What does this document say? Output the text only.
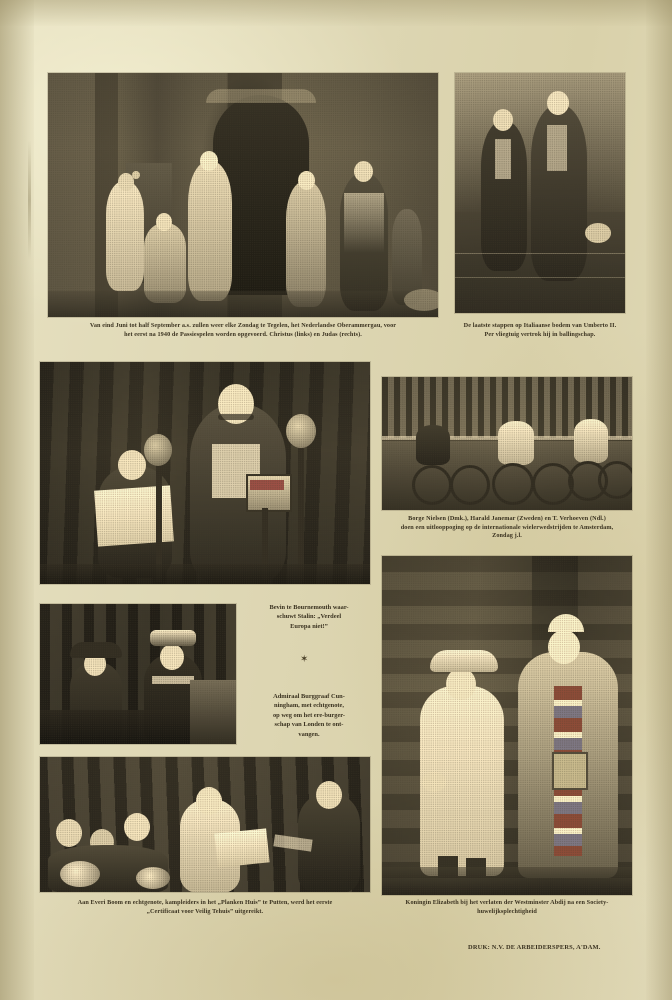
Van eind Juni tot half September a.s. zullen weer elke Zondag te Tegelen, het Nederlandse Oberammergau, voor
het eerst na 1940 de Passiespelen worden opgevoerd. Christus (links) en Judas (rechts).
De laatste stappen op Italiaanse bodem van Umberto II.
Per vliegtuig vertrok hij in ballingschap.
Borge Nielsen (Dmk.), Harald Janemar (Zweden) en T. Verhoeven (Ndl.)
doen een uitlooppoging op de internationale wielerwedstrijden te Amsterdam,
Zondag j.l.
Bevin te Bournemouth waar-
schuwt Stalin: „Verdeel
Europa niet!”
✶
Admiraal Burggraaf Cun-
ningham, met echtgenote,
op weg om het ere-burger-
schap van Londen te ont-
vangen.
Koningin Elizabeth bij het verlaten der Westminster Abdij na een Society-
huwelijksplechtigheid
Aan Everi Boom en echtgenote, kampleiders in het „Planken Huis” te Putten, werd het eerste
„Certificaat voor Veilig Tehuis” uitgereikt.
DRUK: N.V. DE ARBEIDERSPERS, A'DAM.
